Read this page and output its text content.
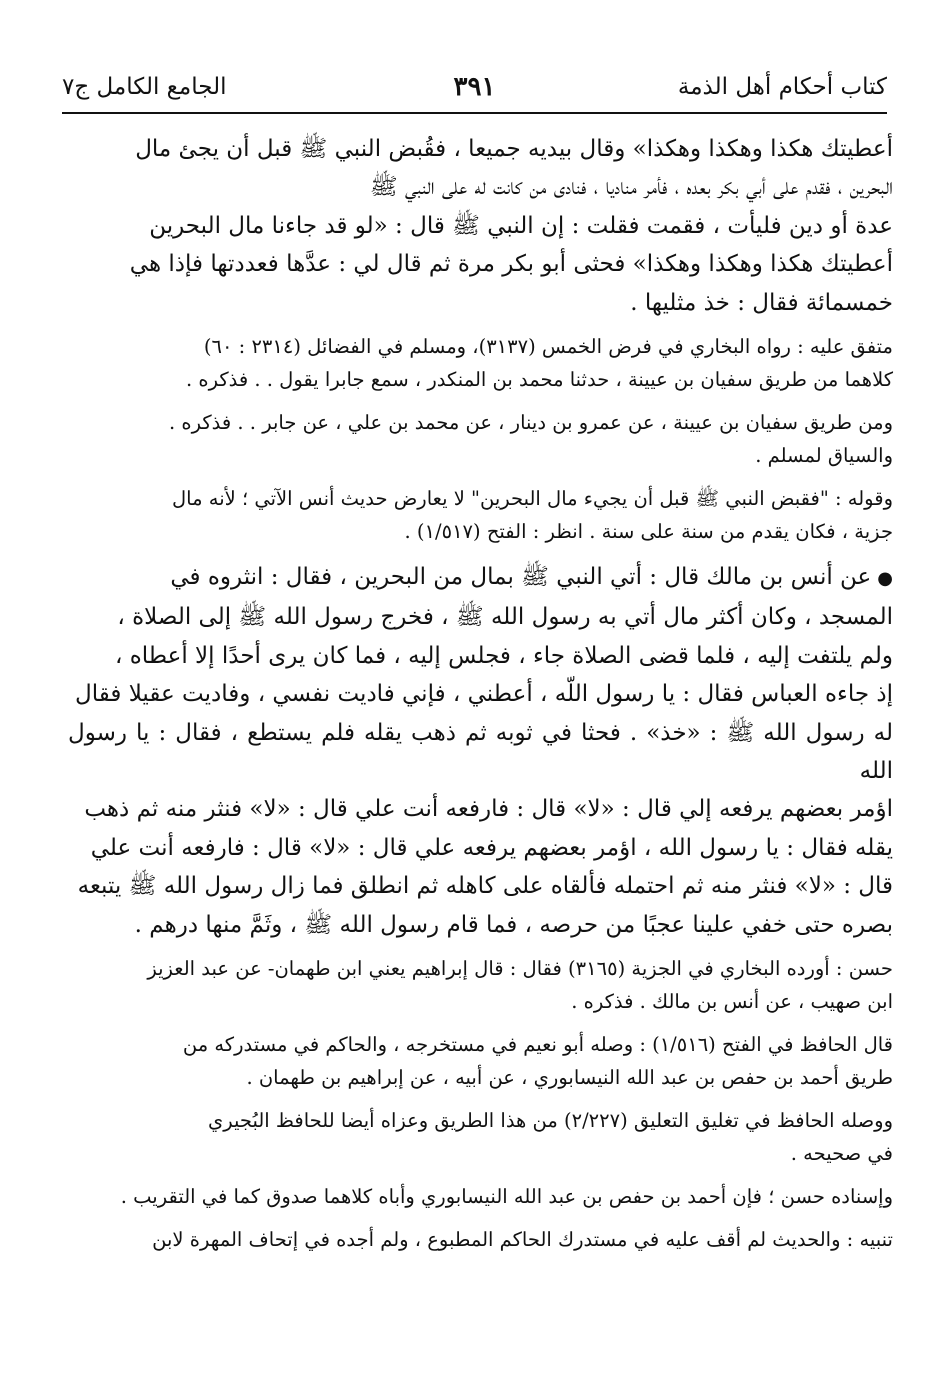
كتاب أحكام أهل الذمة
٣٩١
الجامع الكامل ج٧
أعطيتك هكذا وهكذا وهكذا» وقال بيديه جميعا ، فقُبض النبي ﷺ قبل أن يجئ مال
البحرين ، فقدم على أبي بكر بعده ، فأمر مناديا ، فنادى من كانت له على النبي ﷺ
عدة أو دين فليأت ، فقمت فقلت : إن النبي ﷺ قال : «لو قد جاءنا مال البحرين
أعطيتك هكذا وهكذا وهكذا» فحثى أبو بكر مرة ثم قال لي : عدَّها فعددتها فإذا هي
خمسمائة فقال : خذ مثليها .
متفق عليه : رواه البخاري في فرض الخمس (٣١٣٧)، ومسلم في الفضائل (٢٣١٤ : ٦٠)
كلاهما من طريق سفيان بن عيينة ، حدثنا محمد بن المنكدر ، سمع جابرا يقول . . فذكره .
ومن طريق سفيان بن عيينة ، عن عمرو بن دينار ، عن محمد بن علي ، عن جابر . . فذكره .
والسياق لمسلم .
وقوله : "فقبض النبي ﷺ قبل أن يجيء مال البحرين" لا يعارض حديث أنس الآتي ؛ لأنه مال
جزية ، فكان يقدم من سنة على سنة . انظر : الفتح (١/٥١٧) .
●عن أنس بن مالك قال : أتي النبي ﷺ بمال من البحرين ، فقال : انثروه في
المسجد ، وكان أكثر مال أتي به رسول الله ﷺ ، فخرج رسول الله ﷺ إلى الصلاة ،
ولم يلتفت إليه ، فلما قضى الصلاة جاء ، فجلس إليه ، فما كان يرى أحدًا إلا أعطاه ،
إذ جاءه العباس فقال : يا رسول اللّه ، أعطني ، فإني فاديت نفسي ، وفاديت عقيلا فقال
له رسول الله ﷺ : «خذ» . فحثا في ثوبه ثم ذهب يقله فلم يستطع ، فقال : يا رسول الله
اؤمر بعضهم يرفعه إلي قال : «لا» قال : فارفعه أنت علي قال : «لا» فنثر منه ثم ذهب
يقله فقال : يا رسول الله ، اؤمر بعضهم يرفعه علي قال : «لا» قال : فارفعه أنت علي
قال : «لا» فنثر منه ثم احتمله فألقاه على كاهله ثم انطلق فما زال رسول الله ﷺ يتبعه
بصره حتى خفي علينا عجبًا من حرصه ، فما قام رسول الله ﷺ ، وثَمَّ منها درهم .
حسن : أورده البخاري في الجزية (٣١٦٥) فقال : قال إبراهيم يعني ابن طهمان- عن عبد العزيز
ابن صهيب ، عن أنس بن مالك . فذكره .
قال الحافظ في الفتح (١/٥١٦) : وصله أبو نعيم في مستخرجه ، والحاكم في مستدركه من
طريق أحمد بن حفص بن عبد الله النيسابوري ، عن أبيه ، عن إبراهيم بن طهمان .
ووصله الحافظ في تغليق التعليق (٢/٢٢٧) من هذا الطريق وعزاه أيضا للحافظ البُجيري
في صحيحه .
وإسناده حسن ؛ فإن أحمد بن حفص بن عبد الله النيسابوري وأباه كلاهما صدوق كما في التقريب .
تنبيه : والحديث لم أقف عليه في مستدرك الحاكم المطبوع ، ولم أجده في إتحاف المهرة لابن
